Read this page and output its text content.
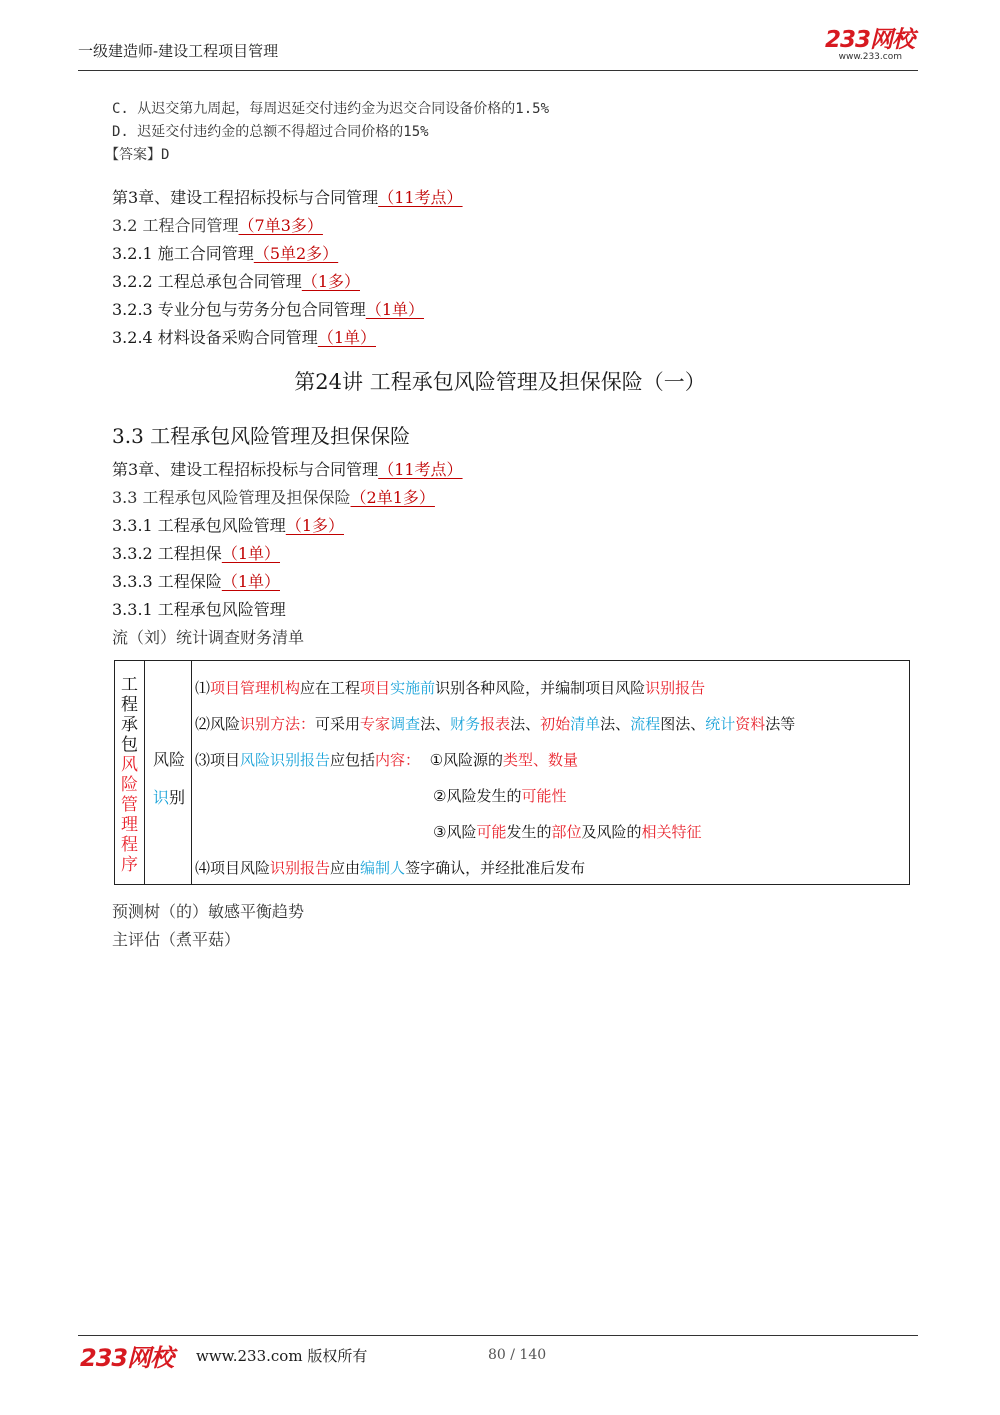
一级建造师-建设工程项目管理	233网校
www.233.com
C. 从迟交第九周起，每周迟延交付违约金为迟交合同设备价格的1.5%
D. 迟延交付违约金的总额不得超过合同价格的15%
【答案】D
第3章、建设工程招标投标与合同管理（11考点）
3.2 工程合同管理（7单3多）
3.2.1 施工合同管理（5单2多）
3.2.2 工程总承包合同管理（1多）
3.2.3 专业分包与劳务分包合同管理（1单）
3.2.4 材料设备采购合同管理（1单）
第24讲 工程承包风险管理及担保保险（一）
3.3 工程承包风险管理及担保保险
第3章、建设工程招标投标与合同管理（11考点）
3.3 工程承包风险管理及担保保险（2单1多）
3.3.1 工程承包风险管理（1多）
3.3.2 工程担保（1单）
3.3.3 工程保险（1单）
3.3.1 工程承包风险管理
流（刘）统计调查财务清单
工
程
承
包
风
险
管
理
程
序
风险
识别
⑴项目管理机构应在工程项目实施前识别各种风险，并编制项目风险识别报告
⑵风险识别方法：可采用专家调查法、财务报表法、初始清单法、流程图法、统计资料法等
⑶项目风险识别报告应包括内容：  ①风险源的类型、数量
②风险发生的可能性
③风险可能发生的部位及风险的相关特征
⑷项目风险识别报告应由编制人签字确认，并经批准后发布
预测树（的）敏感平衡趋势
主评估（煮平菇）
233网校 www.233.com 版权所有	80 / 140
